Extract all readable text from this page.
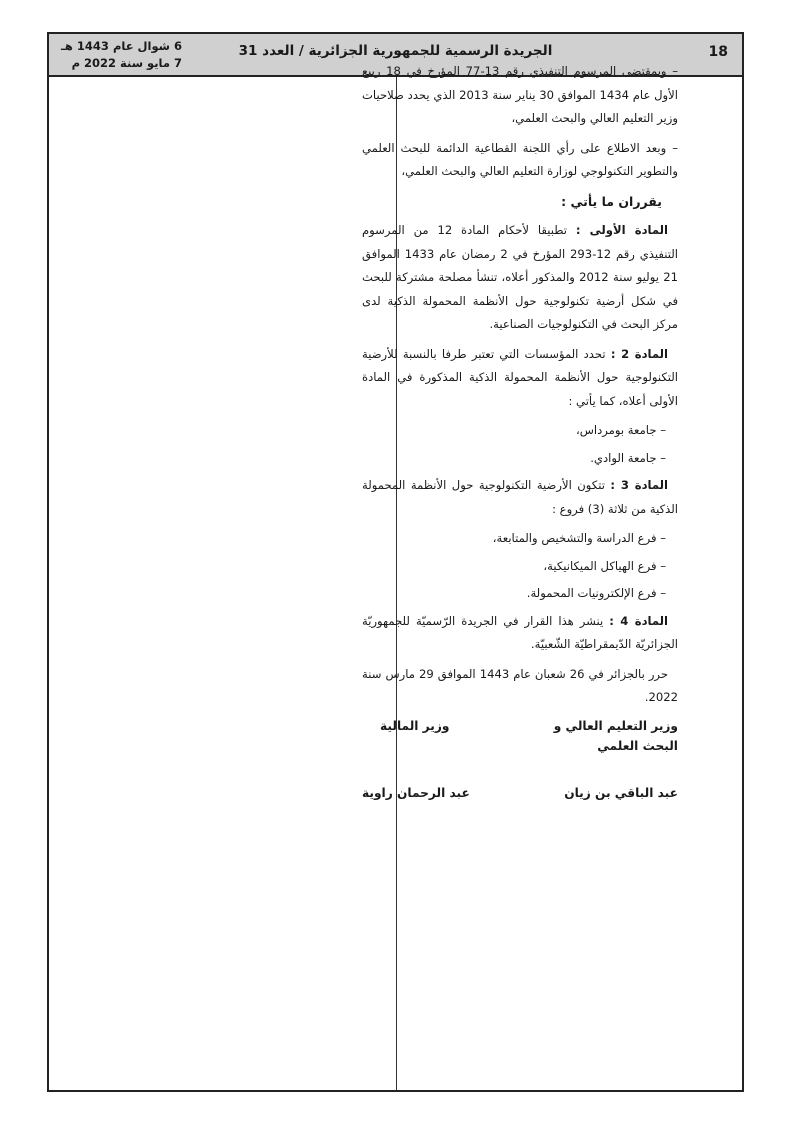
18
الجريدة الرسمية للجمهورية الجزائرية / العدد 31
6 شوال عام 1443 هـ
7 مايو سنة 2022 م

– وبمقتضى المرسوم التنفيذي رقم 13-77 المؤرخ في 18 ربيع الأول عام 1434 الموافق 30 يناير سنة 2013 الذي يحدد صلاحيات وزير التعليم العالي والبحث العلمي،

– وبعد الاطلاع على رأي اللجنة القطاعية الدائمة للبحث العلمي والتطوير التكنولوجي لوزارة التعليم العالي والبحث العلمي،

يقرران ما يأتي :

المادة الأولى : تطبيقا لأحكام المادة 12 من المرسوم التنفيذي رقم 12-293 المؤرخ في 2 رمضان عام 1433 الموافق 21 يوليو سنة 2012 والمذكور أعلاه، تنشأ مصلحة مشتركة للبحث في شكل أرضية تكنولوجية حول الأنظمة المحمولة الذكية لدى مركز البحث في التكنولوجيات الصناعية.

المادة 2 : تحدد المؤسسات التي تعتبر طرفا بالنسبة للأرضية التكنولوجية حول الأنظمة المحمولة الذكية المذكورة في المادة الأولى أعلاه، كما يأتي :

– جامعة بومرداس،

– جامعة الوادي.

المادة 3 : تتكون الأرضية التكنولوجية حول الأنظمة المحمولة الذكية من ثلاثة (3) فروع :

– فرع الدراسة والتشخيص والمتابعة،

– فرع الهياكل الميكانيكية،

– فرع الإلكترونيات المحمولة.

المادة 4 : ينشر هذا القرار في الجريدة الرّسميّة للجمهوريّة الجزائريّة الدّيمقراطيّة الشّعبيّة.

حرر بالجزائر في 26 شعبان عام 1443 الموافق 29 مارس سنة 2022.

وزير التعليم العالي و البحث العلمي
وزير المالية
عبد الباقي بن زيان
عبد الرحمان راوية
